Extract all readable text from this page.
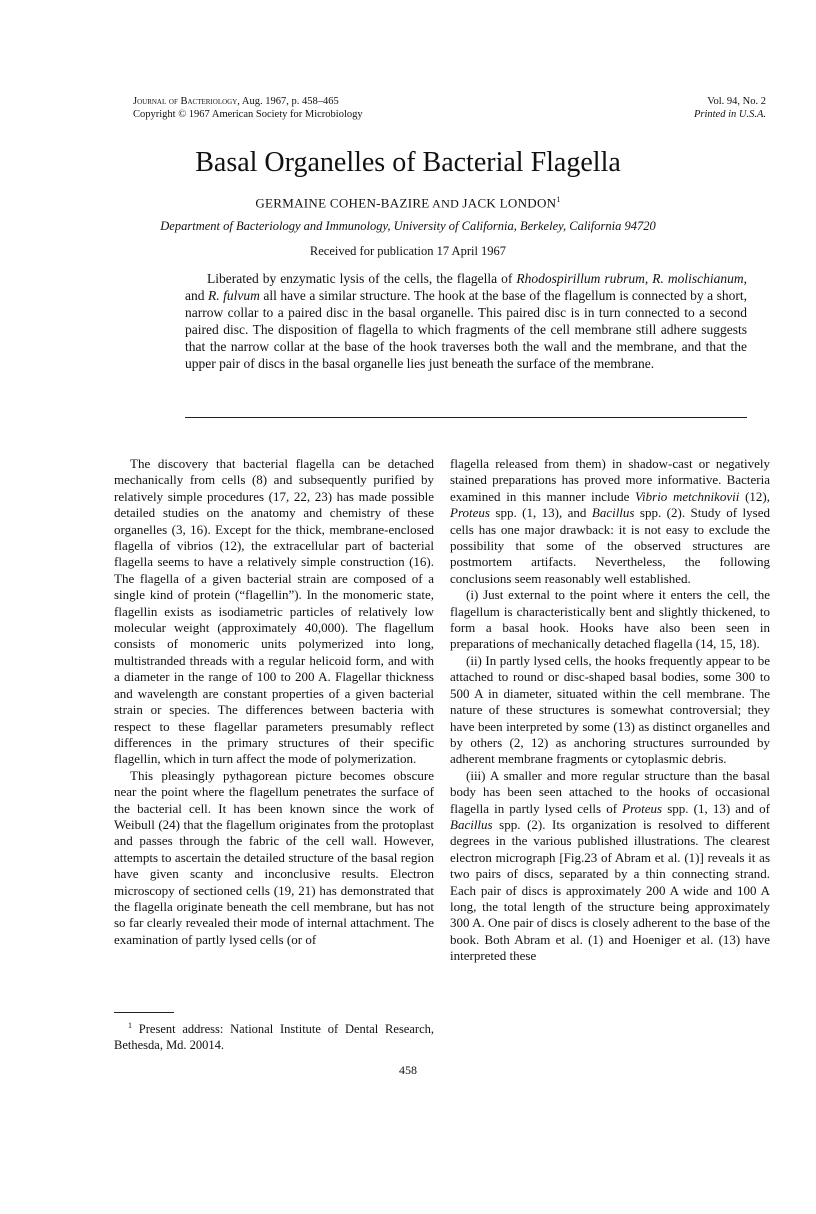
Journal of Bacteriology, Aug. 1967, p. 458–465
Copyright © 1967 American Society for Microbiology
Vol. 94, No. 2
Printed in U.S.A.
Basal Organelles of Bacterial Flagella
GERMAINE COHEN-BAZIRE AND JACK LONDON$^1$
Department of Bacteriology and Immunology, University of California, Berkeley, California 94720
Received for publication 17 April 1967

Liberated by enzymatic lysis of the cells, the flagella of Rhodospirillum rubrum, R. molischianum, and R. fulvum all have a similar structure. The hook at the base of the flagellum is connected by a short, narrow collar to a paired disc in the basal organelle. This paired disc is in turn connected to a second paired disc. The disposition of flagella to which fragments of the cell membrane still adhere suggests that the narrow collar at the base of the hook traverses both the wall and the membrane, and that the upper pair of discs in the basal organelle lies just beneath the surface of the membrane.

The discovery that bacterial flagella can be detached mechanically from cells (8) and subsequently purified by relatively simple procedures (17, 22, 23) has made possible detailed studies on the anatomy and chemistry of these organelles (3, 16). Except for the thick, membrane-enclosed flagella of vibrios (12), the extracellular part of bacterial flagella seems to have a relatively simple construction (16). The flagella of a given bacterial strain are composed of a single kind of protein (“flagellin”). In the monomeric state, flagellin exists as isodiametric particles of relatively low molecular weight (approximately 40,000). The flagellum consists of monomeric units polymerized into long, multistranded threads with a regular helicoid form, and with a diameter in the range of 100 to 200 A. Flagellar thickness and wavelength are constant properties of a given bacterial strain or species. The differences between bacteria with respect to these flagellar parameters presumably reflect differences in the primary structures of their specific flagellin, which in turn affect the mode of polymerization.

This pleasingly pythagorean picture becomes obscure near the point where the flagellum penetrates the surface of the bacterial cell. It has been known since the work of Weibull (24) that the flagellum originates from the protoplast and passes through the fabric of the cell wall. However, attempts to ascertain the detailed structure of the basal region have given scanty and inconclusive results. Electron microscopy of sectioned cells (19, 21) has demonstrated that the flagella originate beneath the cell membrane, but has not so far clearly revealed their mode of internal attachment. The examination of partly lysed cells (or of

$^1$ Present address: National Institute of Dental Research, Bethesda, Md. 20014.

flagella released from them) in shadow-cast or negatively stained preparations has proved more informative. Bacteria examined in this manner include Vibrio metchnikovii (12), Proteus spp. (1, 13), and Bacillus spp. (2). Study of lysed cells has one major drawback: it is not easy to exclude the possibility that some of the observed structures are postmortem artifacts. Nevertheless, the following conclusions seem reasonably well established.

(i) Just external to the point where it enters the cell, the flagellum is characteristically bent and slightly thickened, to form a basal hook. Hooks have also been seen in preparations of mechanically detached flagella (14, 15, 18).

(ii) In partly lysed cells, the hooks frequently appear to be attached to round or disc-shaped basal bodies, some 300 to 500 A in diameter, situated within the cell membrane. The nature of these structures is somewhat controversial; they have been interpreted by some (13) as distinct organelles and by others (2, 12) as anchoring structures surrounded by adherent membrane fragments or cytoplasmic debris.

(iii) A smaller and more regular structure than the basal body has been seen attached to the hooks of occasional flagella in partly lysed cells of Proteus spp. (1, 13) and of Bacillus spp. (2). Its organization is resolved to different degrees in the various published illustrations. The clearest electron micrograph [Fig.23 of Abram et al. (1)] reveals it as two pairs of discs, separated by a thin connecting strand. Each pair of discs is approximately 200 A wide and 100 A long, the total length of the structure being approximately 300 A. One pair of discs is closely adherent to the base of the book. Both Abram et al. (1) and Hoeniger et al. (13) have interpreted these

458
